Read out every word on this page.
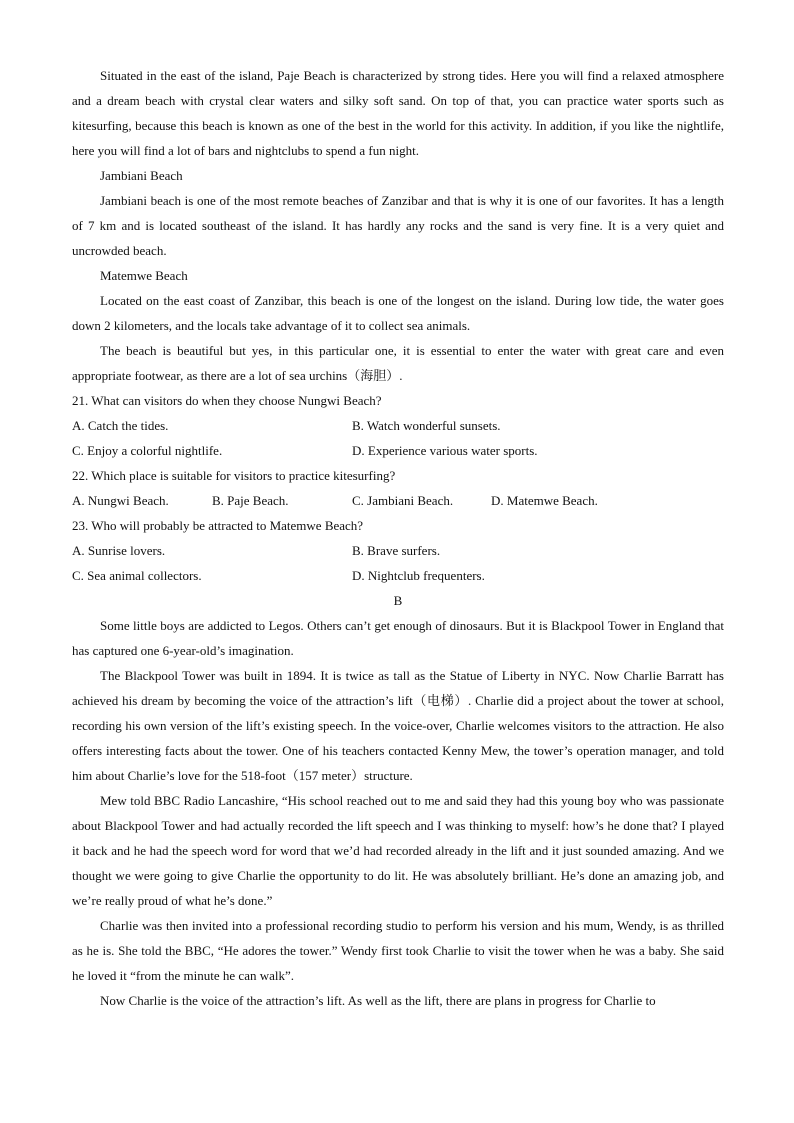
Situated in the east of the island, Paje Beach is characterized by strong tides. Here you will find a relaxed atmosphere and a dream beach with crystal clear waters and silky soft sand. On top of that, you can practice water sports such as kitesurfing, because this beach is known as one of the best in the world for this activity. In addition, if you like the nightlife, here you will find a lot of bars and nightclubs to spend a fun night.

Jambiani Beach

Jambiani beach is one of the most remote beaches of Zanzibar and that is why it is one of our favorites. It has a length of 7 km and is located southeast of the island. It has hardly any rocks and the sand is very fine. It is a very quiet and uncrowded beach.

Matemwe Beach

Located on the east coast of Zanzibar, this beach is one of the longest on the island. During low tide, the water goes down 2 kilometers, and the locals take advantage of it to collect sea animals.

The beach is beautiful but yes, in this particular one, it is essential to enter the water with great care and even appropriate footwear, as there are a lot of sea urchins（海胆）.

21. What can visitors do when they choose Nungwi Beach?

A. Catch the tides.	B. Watch wonderful sunsets.
C. Enjoy a colorful nightlife.	D. Experience various water sports.

22. Which place is suitable for visitors to practice kitesurfing?

A. Nungwi Beach.	B. Paje Beach.	C. Jambiani Beach.	D. Matemwe Beach.

23. Who will probably be attracted to Matemwe Beach?

A. Sunrise lovers.	B. Brave surfers.
C. Sea animal collectors.	D. Nightclub frequenters.

B

Some little boys are addicted to Legos. Others can’t get enough of dinosaurs. But it is Blackpool Tower in England that has captured one 6-year-old’s imagination.

The Blackpool Tower was built in 1894. It is twice as tall as the Statue of Liberty in NYC. Now Charlie Barratt has achieved his dream by becoming the voice of the attraction’s lift（电梯）. Charlie did a project about the tower at school, recording his own version of the lift’s existing speech. In the voice-over, Charlie welcomes visitors to the attraction. He also offers interesting facts about the tower. One of his teachers contacted Kenny Mew, the tower’s operation manager, and told him about Charlie’s love for the 518-foot（157 meter）structure.

Mew told BBC Radio Lancashire, “His school reached out to me and said they had this young boy who was passionate about Blackpool Tower and had actually recorded the lift speech and I was thinking to myself: how’s he done that? I played it back and he had the speech word for word that we’d had recorded already in the lift and it just sounded amazing. And we thought we were going to give Charlie the opportunity to do lit. He was absolutely brilliant. He’s done an amazing job, and we’re really proud of what he’s done.”

Charlie was then invited into a professional recording studio to perform his version and his mum, Wendy, is as thrilled as he is. She told the BBC, “He adores the tower.” Wendy first took Charlie to visit the tower when he was a baby. She said he loved it “from the minute he can walk”.

Now Charlie is the voice of the attraction’s lift. As well as the lift, there are plans in progress for Charlie to
